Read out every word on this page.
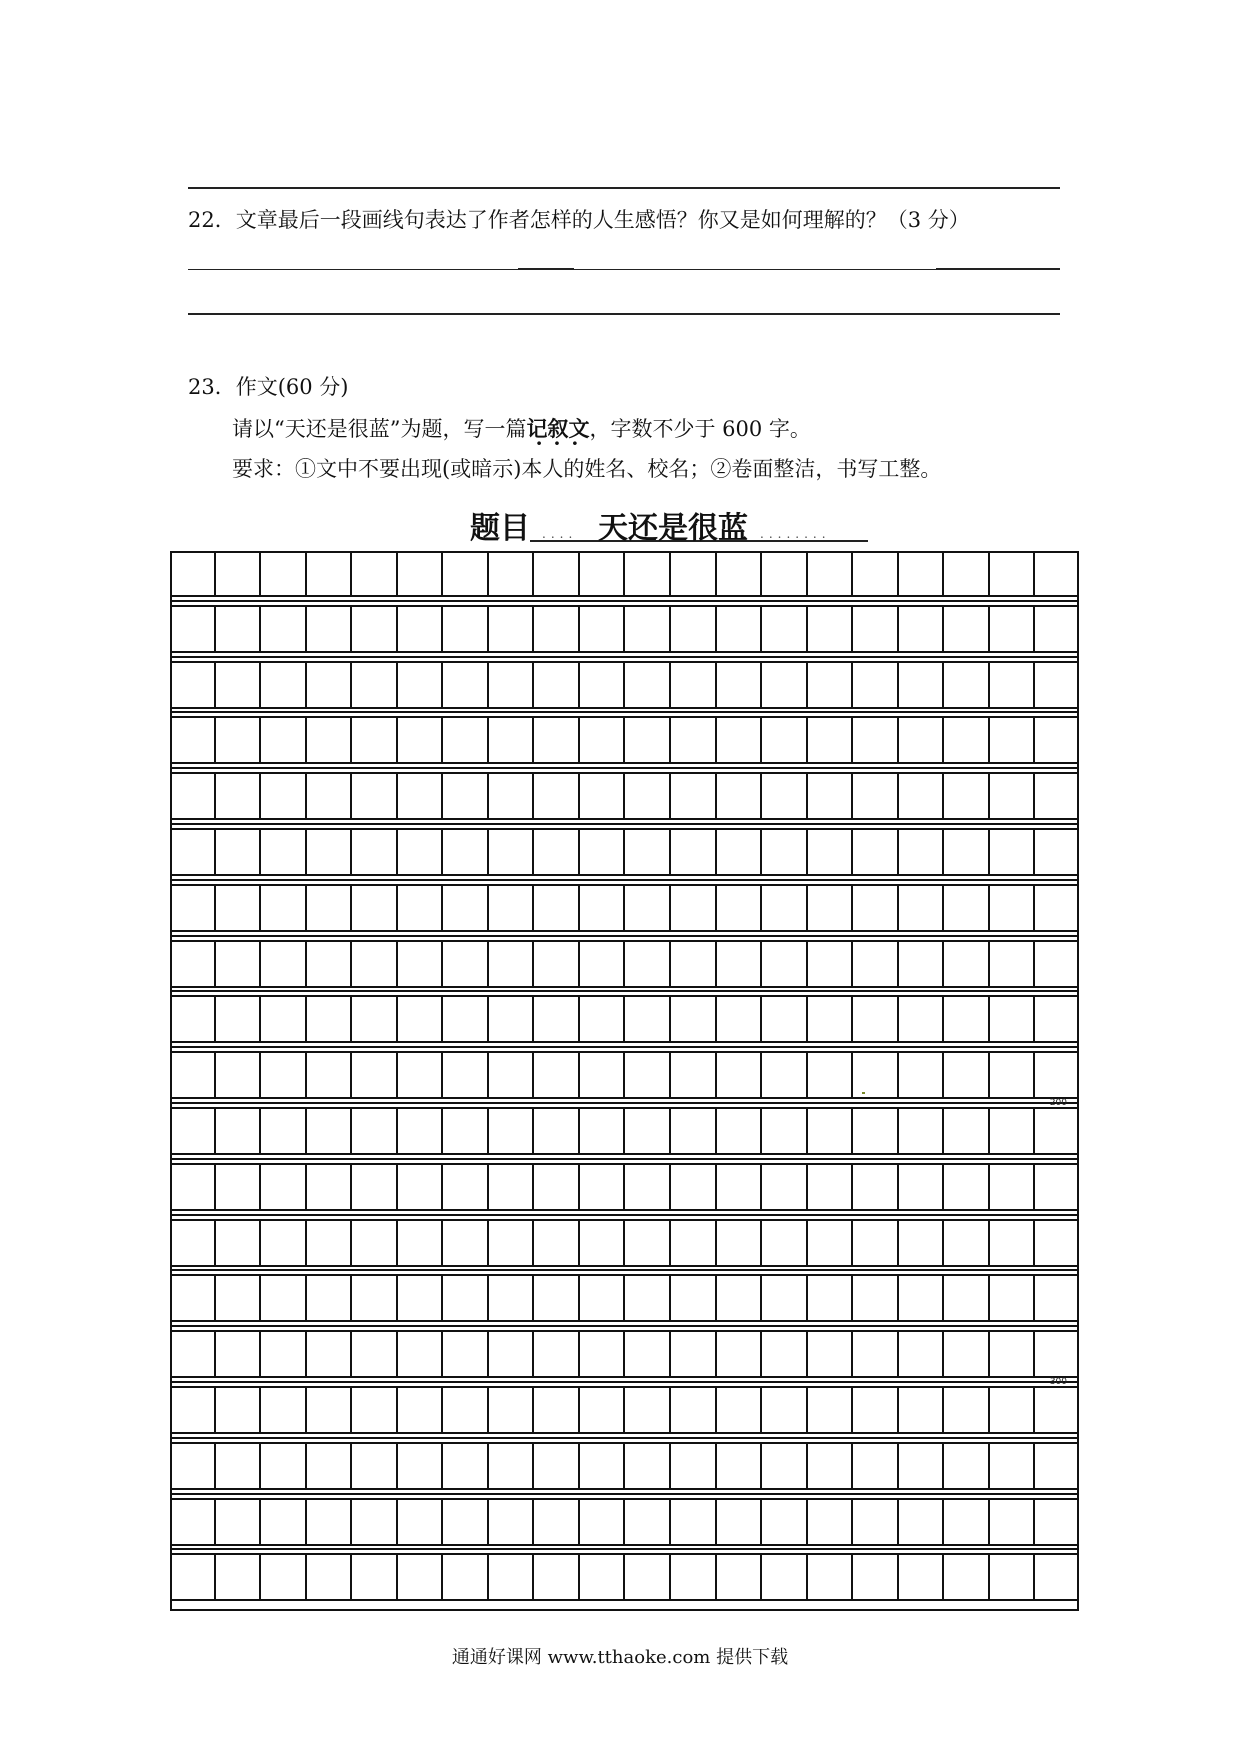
22．文章最后一段画线句表达了作者怎样的人生感悟？你又是如何理解的？（3 分）
23．作文(60 分)
请以“天还是很蓝”为题，写一篇记叙文 · · ·，字数不少于 600 字。
要求：①文中不要出现(或暗示)本人的姓名、校名；②卷面整洁，书写工整。
题目 .... 天还是很蓝 ........
200
300
通通好课网 www.tthaoke.com 提供下载
